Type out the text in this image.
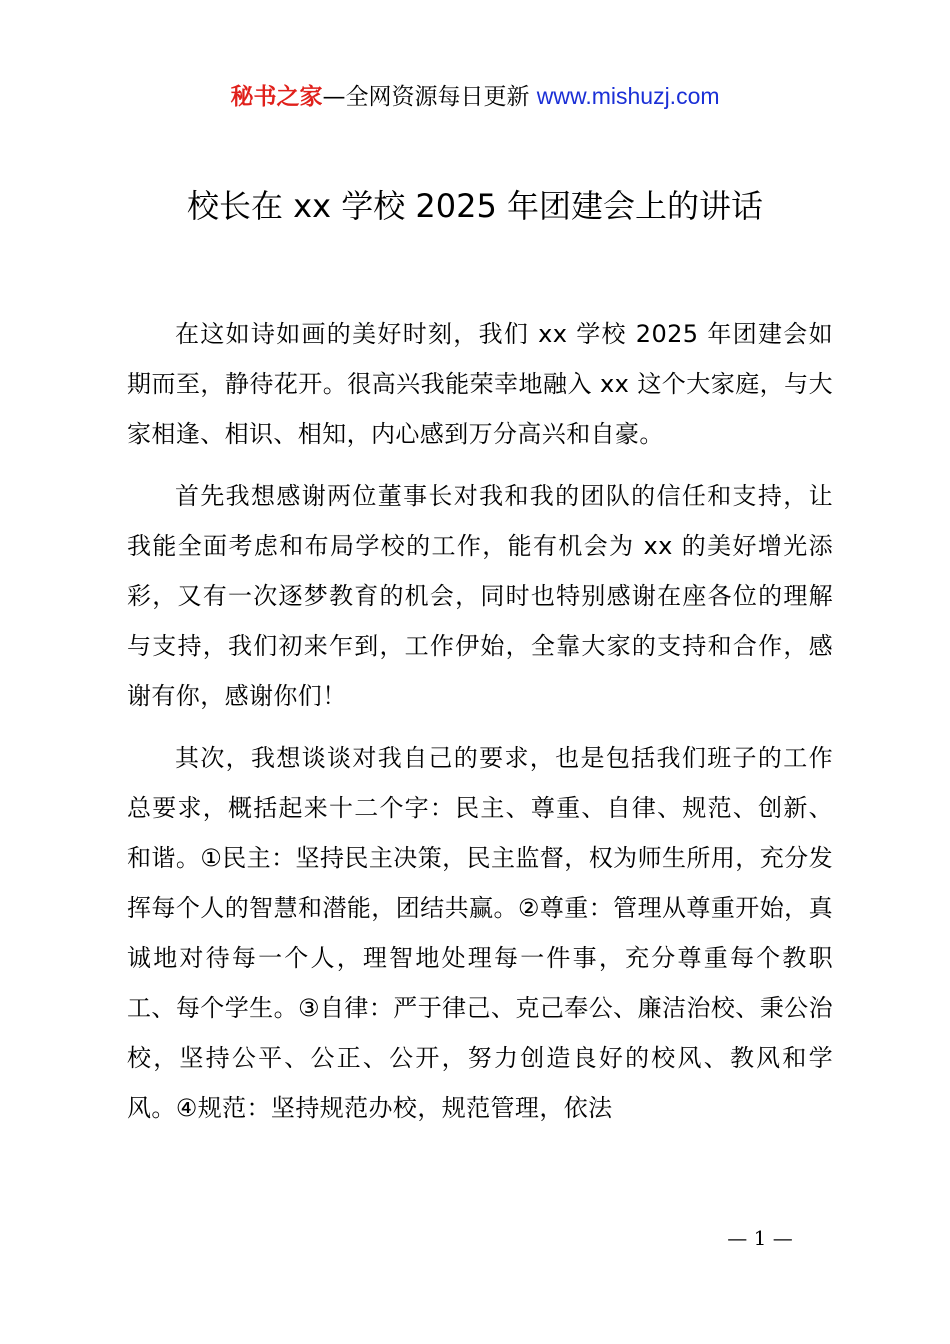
秘书之家—全网资源每日更新 www.mishuzj.com
校长在 xx 学校 2025 年团建会上的讲话

在这如诗如画的美好时刻，我们 xx 学校 2025 年团建会如期而至，静待花开。很高兴我能荣幸地融入 xx 这个大家庭，与大家相逢、相识、相知，内心感到万分高兴和自豪。

首先我想感谢两位董事长对我和我的团队的信任和支持，让我能全面考虑和布局学校的工作，能有机会为 xx 的美好增光添彩，又有一次逐梦教育的机会，同时也特别感谢在座各位的理解与支持，我们初来乍到，工作伊始，全靠大家的支持和合作，感谢有你，感谢你们！

其次，我想谈谈对我自己的要求，也是包括我们班子的工作总要求，概括起来十二个字：民主、尊重、自律、规范、创新、和谐。①民主：坚持民主决策，民主监督，权为师生所用，充分发挥每个人的智慧和潜能，团结共赢。②尊重：管理从尊重开始，真诚地对待每一个人，理智地处理每一件事，充分尊重每个教职工、每个学生。③自律：严于律己、克己奉公、廉洁治校、秉公治校，坚持公平、公正、公开，努力创造良好的校风、教风和学风。④规范：坚持规范办校，规范管理，依法

— 1 —
